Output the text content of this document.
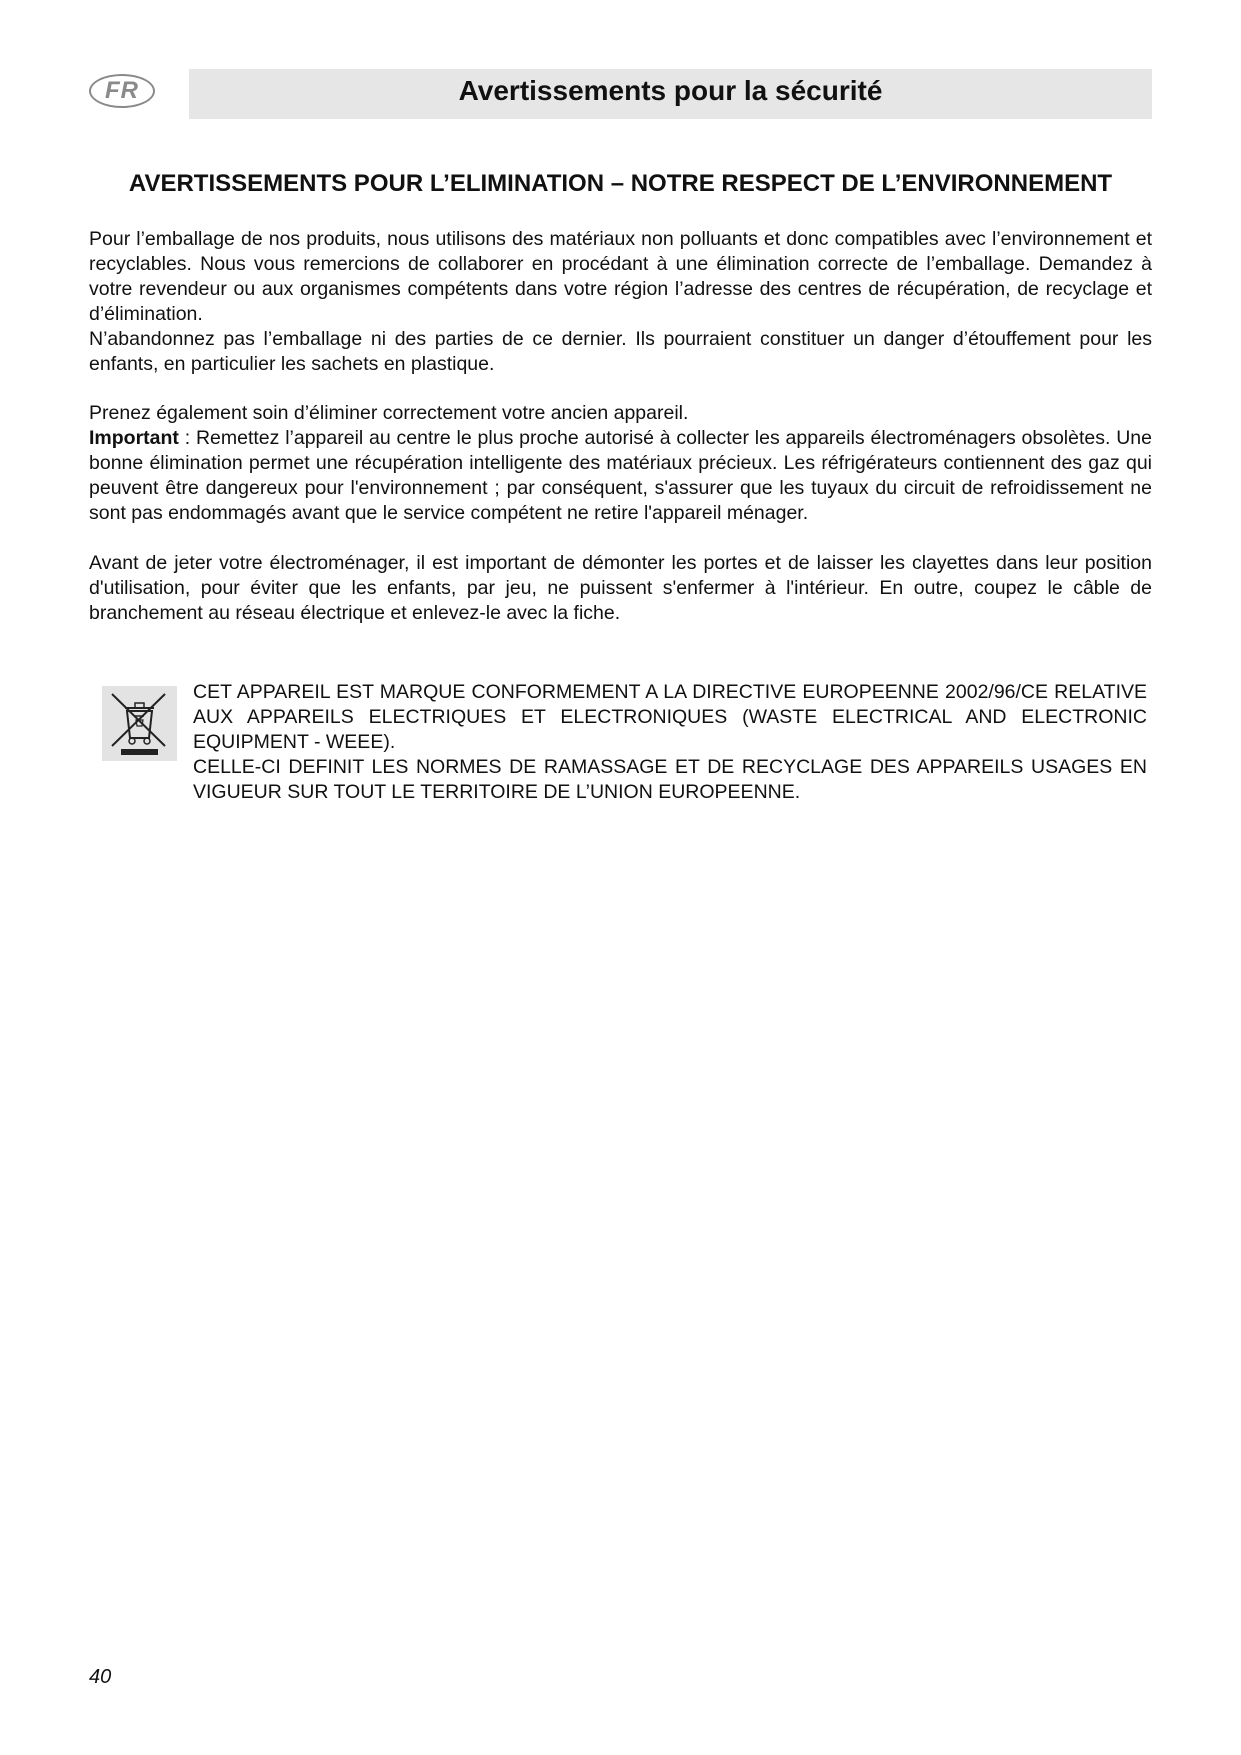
FR	Avertissements pour la sécurité
AVERTISSEMENTS POUR L’ELIMINATION – NOTRE RESPECT DE L’ENVIRONNEMENT

Pour l’emballage de nos produits, nous utilisons des matériaux non polluants et donc compatibles avec l’environnement et recyclables. Nous vous remercions de collaborer en procédant à une élimination correcte de l’emballage. Demandez à votre revendeur ou aux organismes compétents dans votre région l’adresse des centres de récupération, de recyclage et d’élimination.

N’abandonnez pas l’emballage ni des parties de ce dernier. Ils pourraient constituer un danger d’étouffement pour les enfants, en particulier les sachets en plastique.

Prenez également soin d’éliminer correctement votre ancien appareil.

Important : Remettez l’appareil au centre le plus proche autorisé à collecter les appareils électroménagers obsolètes. Une bonne élimination permet une récupération intelligente des matériaux précieux. Les réfrigérateurs contiennent des gaz qui peuvent être dangereux pour l'environnement ; par conséquent, s'assurer que les tuyaux du circuit de refroidissement ne sont pas endommagés avant que le service compétent ne retire l'appareil ménager.

Avant de jeter votre électroménager, il est important de démonter les portes et de laisser les clayettes dans leur position d'utilisation, pour éviter que les enfants, par jeu, ne puissent s'enfermer à l'intérieur. En outre, coupez le câble de branchement au réseau électrique et enlevez-le avec la fiche.

CET APPAREIL EST MARQUE CONFORMEMENT A LA DIRECTIVE EUROPEENNE 2002/96/CE RELATIVE AUX APPAREILS ELECTRIQUES ET ELECTRONIQUES (WASTE ELECTRICAL AND ELECTRONIC EQUIPMENT - WEEE).

CELLE-CI DEFINIT LES NORMES DE RAMASSAGE ET DE RECYCLAGE DES APPAREILS USAGES EN VIGUEUR SUR TOUT LE TERRITOIRE DE L’UNION EUROPEENNE.

40
